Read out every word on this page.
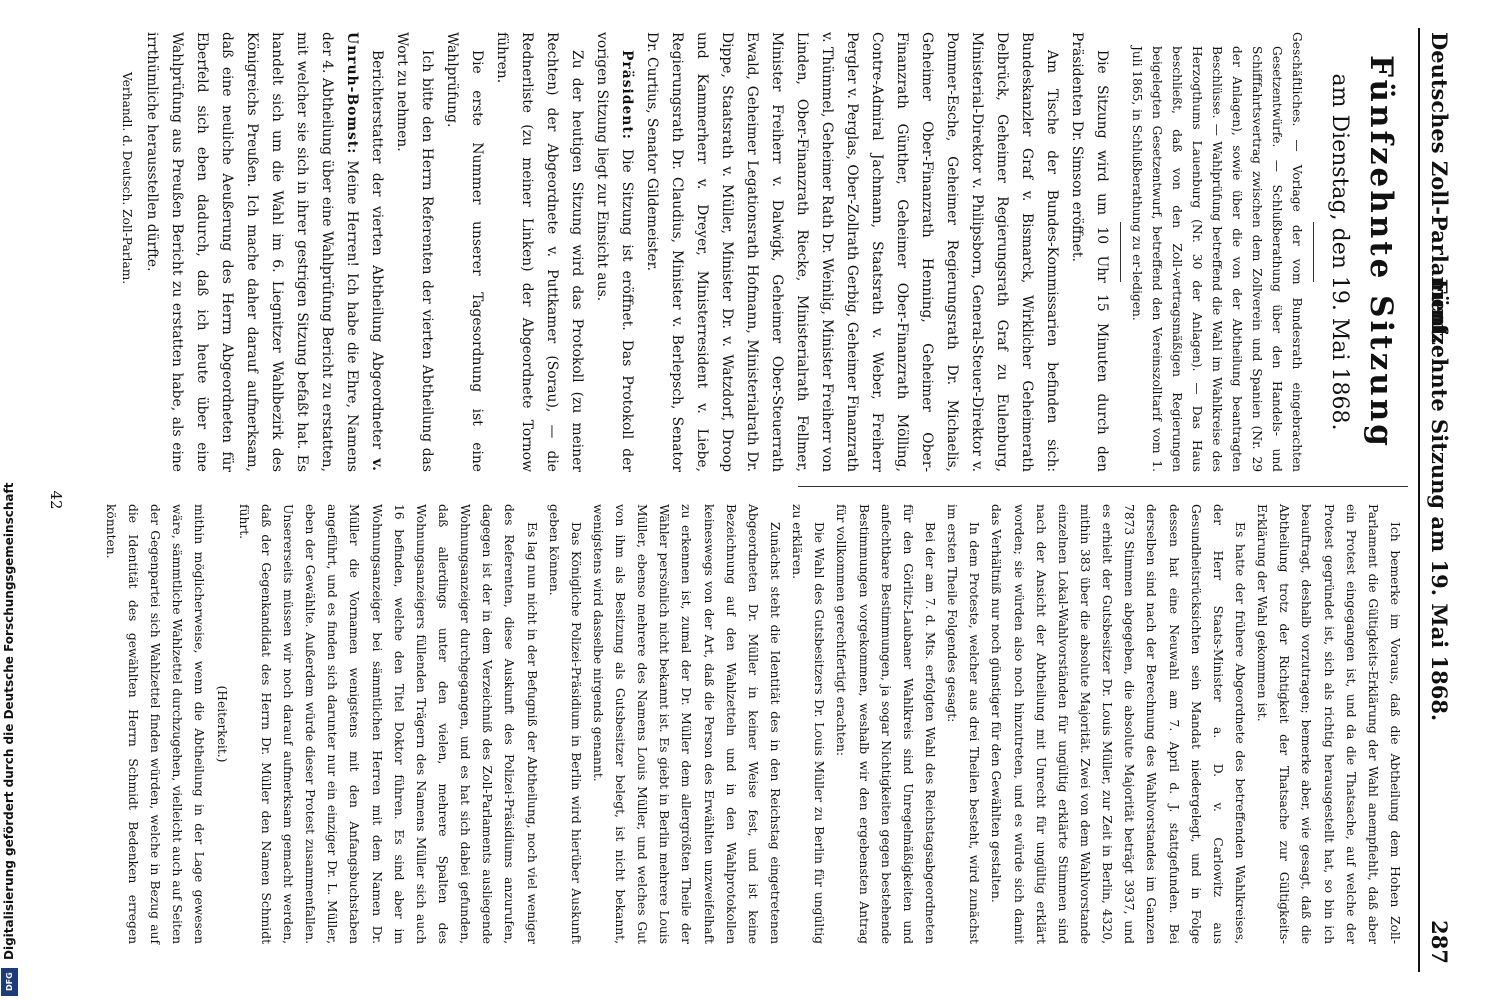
Digitalisierung gefördert durch die Deutsche Forschungsgemeinschaft
DFG
Deutsches Zoll-Parlament.
Fünfzehnte Sitzung am 19. Mai 1868.
287
Fünfzehnte Sitzung
am Dienstag, den 19. Mai 1868.
Geschäftliches. — Vorlage der vom Bundesrath eingebrachten Gesetzentwürfe. — Schlußberathung über den Handels- und Schifffahrtsvertrag zwischen dem Zollverein und Spanien (Nr. 29 der Anlagen), sowie über die von der Abtheilung beantragten Beschlüsse. — Wahlprüfung betreffend die Wahl im Wahlkreise des Herzogthums Lauenburg (Nr. 30 der Anlagen). — Das Haus beschließt, daß von den Zoll-vertragsmäßigen Regierungen beigelegten Gesetzentwurf, betreffend den Vereinszolltarif vom 1. Juli 1865, in Schlußberathung zu er-ledigen.

Die Sitzung wird um 10 Uhr 15 Minuten durch den Präsidenten Dr. Simson eröffnet.

Am Tische der Bundes-Kommissarien befinden sich: Bundeskanzler Graf v. Bismarck, Wirklicher Geheimerath Delbrück, Geheimer Regierungsrath Graf zu Eulenburg, Ministerial-Direktor v. Philipsborn, General-Steuer-Direktor v. Pommer-Esche, Geheimer Regierungsrath Dr. Michaelis, Geheimer Ober-Finanzrath Henning, Geheimer Ober-Finanzrath Günther, Geheimer Ober-Finanzrath Mölling, Contre-Admiral Jachmann, Staatsrath v. Weber, Freiherr Pergler v. Perglas, Ober-Zollrath Gerbig, Geheimer Finanzrath v. Thümmel, Geheimer Rath Dr. Weinlig, Minister Freiherr von Linden, Ober-Finanzrath Riecke, Ministerialrath Fellmer, Minister Freiherr v. Dalwigk, Geheimer Ober-Steuerrath Ewald, Geheimer Legationsrath Hofmann, Ministerialrath Dr. Dippe, Staatsrath v. Müller, Minister Dr. v. Watzdorf, Droop und Kammerherr v. Dreyer, Ministerresident v. Liebe, Regierungsrath Dr. Claudius, Minister v. Berlepsch, Senator Dr. Curtius, Senator Gildemeister.

Präsident: Die Sitzung ist eröffnet. Das Protokoll der vorigen Sitzung liegt zur Einsicht aus.

Zu der heutigen Sitzung wird das Protokoll (zu meiner Rechten) der Abgeordnete v. Puttkamer (Sorau), — die Rednerliste (zu meiner Linken) der Abgeordnete Tornow führen.

Die erste Nummer unserer Tagesordnung ist eine Wahlprüfung.

Ich bitte den Herrn Referenten der vierten Abtheilung das Wort zu nehmen.

Berichterstatter der vierten Abtheilung Abgeordneter v. Unruh-Bomst: Meine Herren! Ich habe die Ehre, Namens der 4. Abtheilung über eine Wahlprüfung Bericht zu erstatten, mit welcher sie sich in ihrer gestrigen Sitzung befaßt hat. Es handelt sich um die Wahl im 6. Liegnitzer Wahlbezirk des Königreichs Preußen. Ich mache daher darauf aufmerksam, daß eine neuliche Aeußerung des Herrn Abgeordneten für Eberfeld sich eben dadurch, daß ich heute über eine Wahlprüfung aus Preußen Bericht zu erstatten habe, als eine irrthümliche herausstellen dürfte.

Verhandl. d. Deutsch. Zoll-Parlam.

Ich bemerke im Voraus, daß die Abtheilung dem Hohen Zoll-Parlament die Gültigkeits-Erklärung der Wahl anempfiehlt, daß aber ein Protest eingegangen ist, und da die Thatsache, auf welche der Protest gegründet ist, sich als richtig herausgestellt hat, so bin ich beauftragt, deshalb vorzutragen; bemerke aber, wie gesagt, daß die Abtheilung trotz der Richtigkeit der Thatsache zur Gültigkeits-Erklärung der Wahl gekommen ist.

Es hatte der frühere Abgeordnete des betreffenden Wahlkreises, der Herr Staats-Minister a. D. v. Carlowitz aus Gesundheitsrücksichten sein Mandat niedergelegt, und in Folge dessen hat eine Neuwahl am 7. April d. J. stattgefunden. Bei derselben sind nach der Berechnung des Wahlvorstandes im Ganzen 7873 Stimmen abgegeben, die absolute Majorität beträgt 3937, und es erhielt der Gutsbesitzer Dr. Louis Müller, zur Zeit in Berlin, 4320, mithin 383 über die absolute Majorität. Zwei von dem Wahlvorstande einzelnen Lokal-Wahlvorständen für ungültig erklärte Stimmen sind nach der Ansicht der Abtheilung mit Unrecht für ungültig erklärt worden; sie würden also noch hinzutreten, und es würde sich damit das Verhältniß nur noch günstiger für den Gewählten gestalten.

In dem Proteste, welcher aus drei Theilen besteht, wird zunächst im ersten Theile Folgendes gesagt:

Bei der am 7. d. Mts. erfolgten Wahl des Reichstagsabgeordneten für den Görlitz-Laubaner Wahlkreis sind Unregelmäßigkeiten und anfechtbare Bestimmungen, ja sogar Nichtigkeiten gegen bestehende Bestimmungen vorgekommen, weshalb wir den ergebensten Antrag für vollkommen gerechtfertigt erachten:

Die Wahl des Gutsbesitzers Dr. Louis Müller zu Berlin für ungültig zu erklären.

Zunächst steht die Identität des in den Reichstag eingetretenen Abgeordneten Dr. Müller in keiner Weise fest, und ist keine Bezeichnung auf den Wahlzetteln und in den Wahlprotokollen keineswegs von der Art, daß die Person des Erwählten unzweifelhaft zu erkennen ist, zumal der Dr. Müller dem allergrößten Theile der Wähler persönlich nicht bekannt ist. Es giebt in Berlin mehrere Louis Müller, ebenso mehrere des Namens Louis Müller, und welches Gut von ihm als Besitzung als Gutsbesitzer belegt, ist nicht bekannt, wenigstens wird dasselbe nirgends genannt.

Das Königliche Polizei-Präsidium in Berlin wird hierüber Auskunft geben können.

Es lag nun nicht in der Befugniß der Abtheilung, noch viel weniger des Referenten, diese Auskunft des Polizei-Präsidiums anzurufen, dagegen ist der in dem Verzeichniß des Zoll-Parlaments ausliegende Wohnungsanzeiger durchgegangen, und es hat sich dabei gefunden, daß allerdings unter den vielen, mehrere Spalten des Wohnungsanzeigers füllenden Trägern des Namens Müller sich auch 16 befinden, welche den Titel Doktor führen. Es sind aber im Wohnungsanzeiger bei sämmtlichen Herren mit dem Namen Dr. Müller die Vornamen wenigstens mit den Anfangsbuchstaben angeführt, und es finden sich darunter nur ein einziger Dr. L. Müller, eben der Gewählte. Außerdem würde dieser Protest zusammenfallen. Unsererseits müssen wir noch darauf aufmerksam gemacht werden, daß der Gegenkandidat des Herrn Dr. Müller den Namen Schmidt führt.

(Heiterkeit.)

mithin möglicherweise, wenn die Abtheilung in der Lage gewesen wäre, sämmtliche Wahlzettel durchzugehen, vielleicht auch auf Seiten der Gegenpartei sich Wahlzettel finden würden, welche in Bezug auf die Identität des gewählten Herrn Schmidt Bedenken erregen könnten.

42
